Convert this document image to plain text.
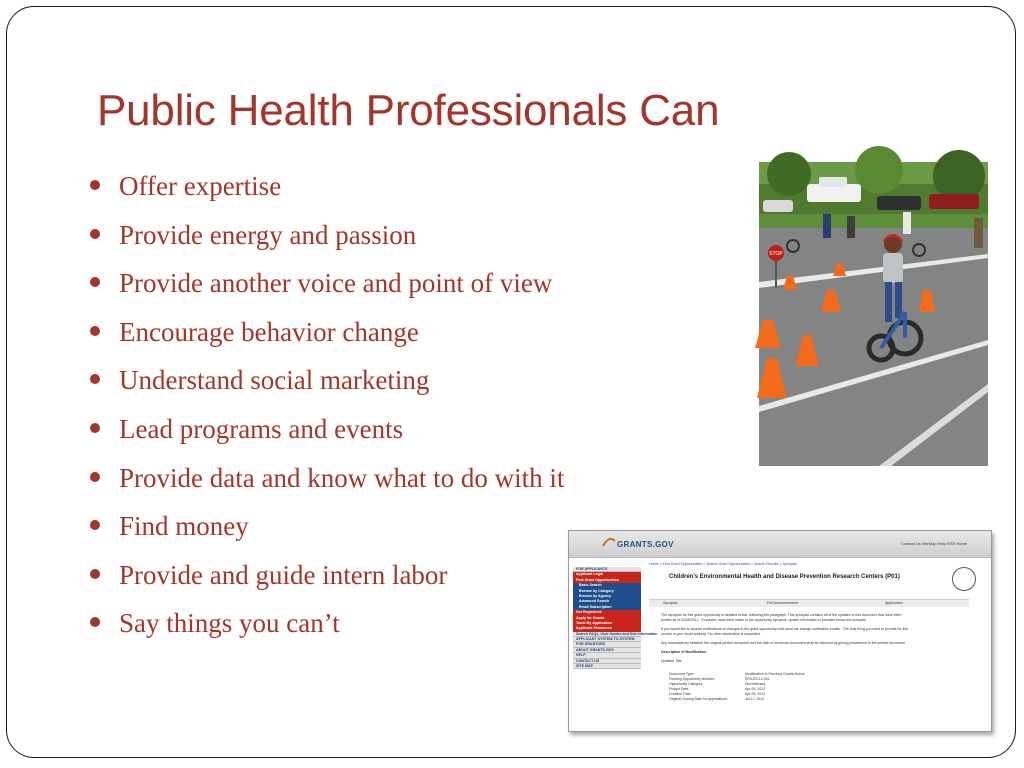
Public Health Professionals Can
Offer expertise
Provide energy and passion
Provide another voice and point of view
Encourage behavior change
Understand social marketing
Lead programs and events
Provide data and know what to do with it
Find money
Provide and guide intern labor
Say things you can’t
STOP
GRANTS.GOV	Contact Us SiteMap Help RSS Home
FOR APPLICANTS
Applicant Login
Find Grant Opportunities
Basic Search
Browse by Category
Browse by Agency
Advanced Search
Email Subscription
Get Registered
Apply for Grants
Track My Application
Applicant Resources
Search FAQs, User Guides and Site Information
APPLICANT SYSTEM-TO-SYSTEM
FOR GRANTORS
ABOUT GRANTS.GOV
HELP
CONTACT US
SITE MAP
Home > Find Grant Opportunities > Search Grant Opportunities > Search Results > Synopsis
Children's Environmental Health and Disease Prevention Research Centers (P01)
Synopsis	Full Announcement	Application
The synopsis for this grant opportunity is detailed below, following this paragraph. This synopsis contains all of the updates to this document that have been
posted as of 04/05/2012 . If updates have been made to the opportunity synopsis, update information is provided below the synopsis.
If you would like to receive notifications of changes to the grant opportunity click send me change notification emails . The only thing you need to provide for this
service is your email address. No other information is requested.
Any inconsistency between the original printed document and the disk or electronic document shall be resolved by giving precedence to the printed document.
Description of Modification
Updated Title
Document Type:	Modification to Previous Grants Notice
Funding Opportunity Number:	RFA-ES-12-001
Opportunity Category:	Discretionary
Posted Date:	Apr 05, 2012
Creation Date:	Apr 05, 2012
Original Closing Date for Applications:	Jul 17, 2012
